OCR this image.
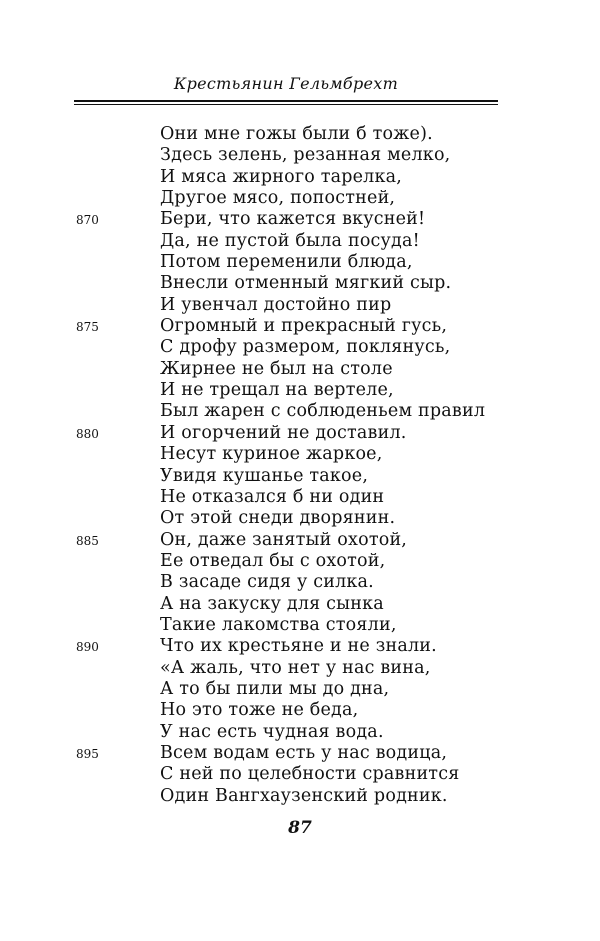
Крестьянин Гельмбрехт
Они мне гожы были б тоже).
Здесь зелень, резанная мелко,
И мяса жирного тарелка,
Другое мясо, попостней,
870	Бери, что кажется вкусней!
Да, не пустой была посуда!
Потом переменили блюда,
Внесли отменный мягкий сыр.
И увенчал достойно пир
875	Огромный и прекрасный гусь,
С дрофу размером, поклянусь,
Жирнее не был на столе
И не трещал на вертеле,
Был жарен с соблюденьем правил
880	И огорчений не доставил.
Несут куриное жаркое,
Увидя кушанье такое,
Не отказался б ни один
От этой снеди дворянин.
885	Он, даже занятый охотой,
Ее отведал бы с охотой,
В засаде сидя у силка.
А на закуску для сынка
Такие лакомства стояли,
890	Что их крестьяне и не знали.
«А жаль, что нет у нас вина,
А то бы пили мы до дна,
Но это тоже не беда,
У нас есть чудная вода.
895	Всем водам есть у нас водица,
С ней по целебности сравнится
Один Вангхаузенский родник.
87
